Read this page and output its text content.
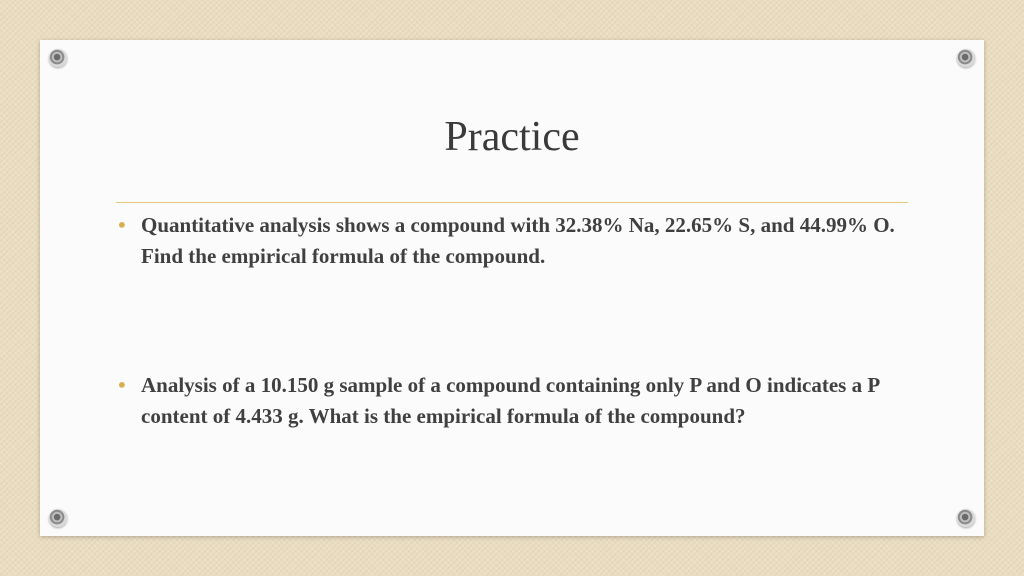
Practice
• Quantitative analysis shows a compound with 32.38% Na, 22.65% S, and 44.99% O. Find the empirical formula of the compound.
• Analysis of a 10.150 g sample of a compound containing only P and O indicates a P content of 4.433 g. What is the empirical formula of the compound?
